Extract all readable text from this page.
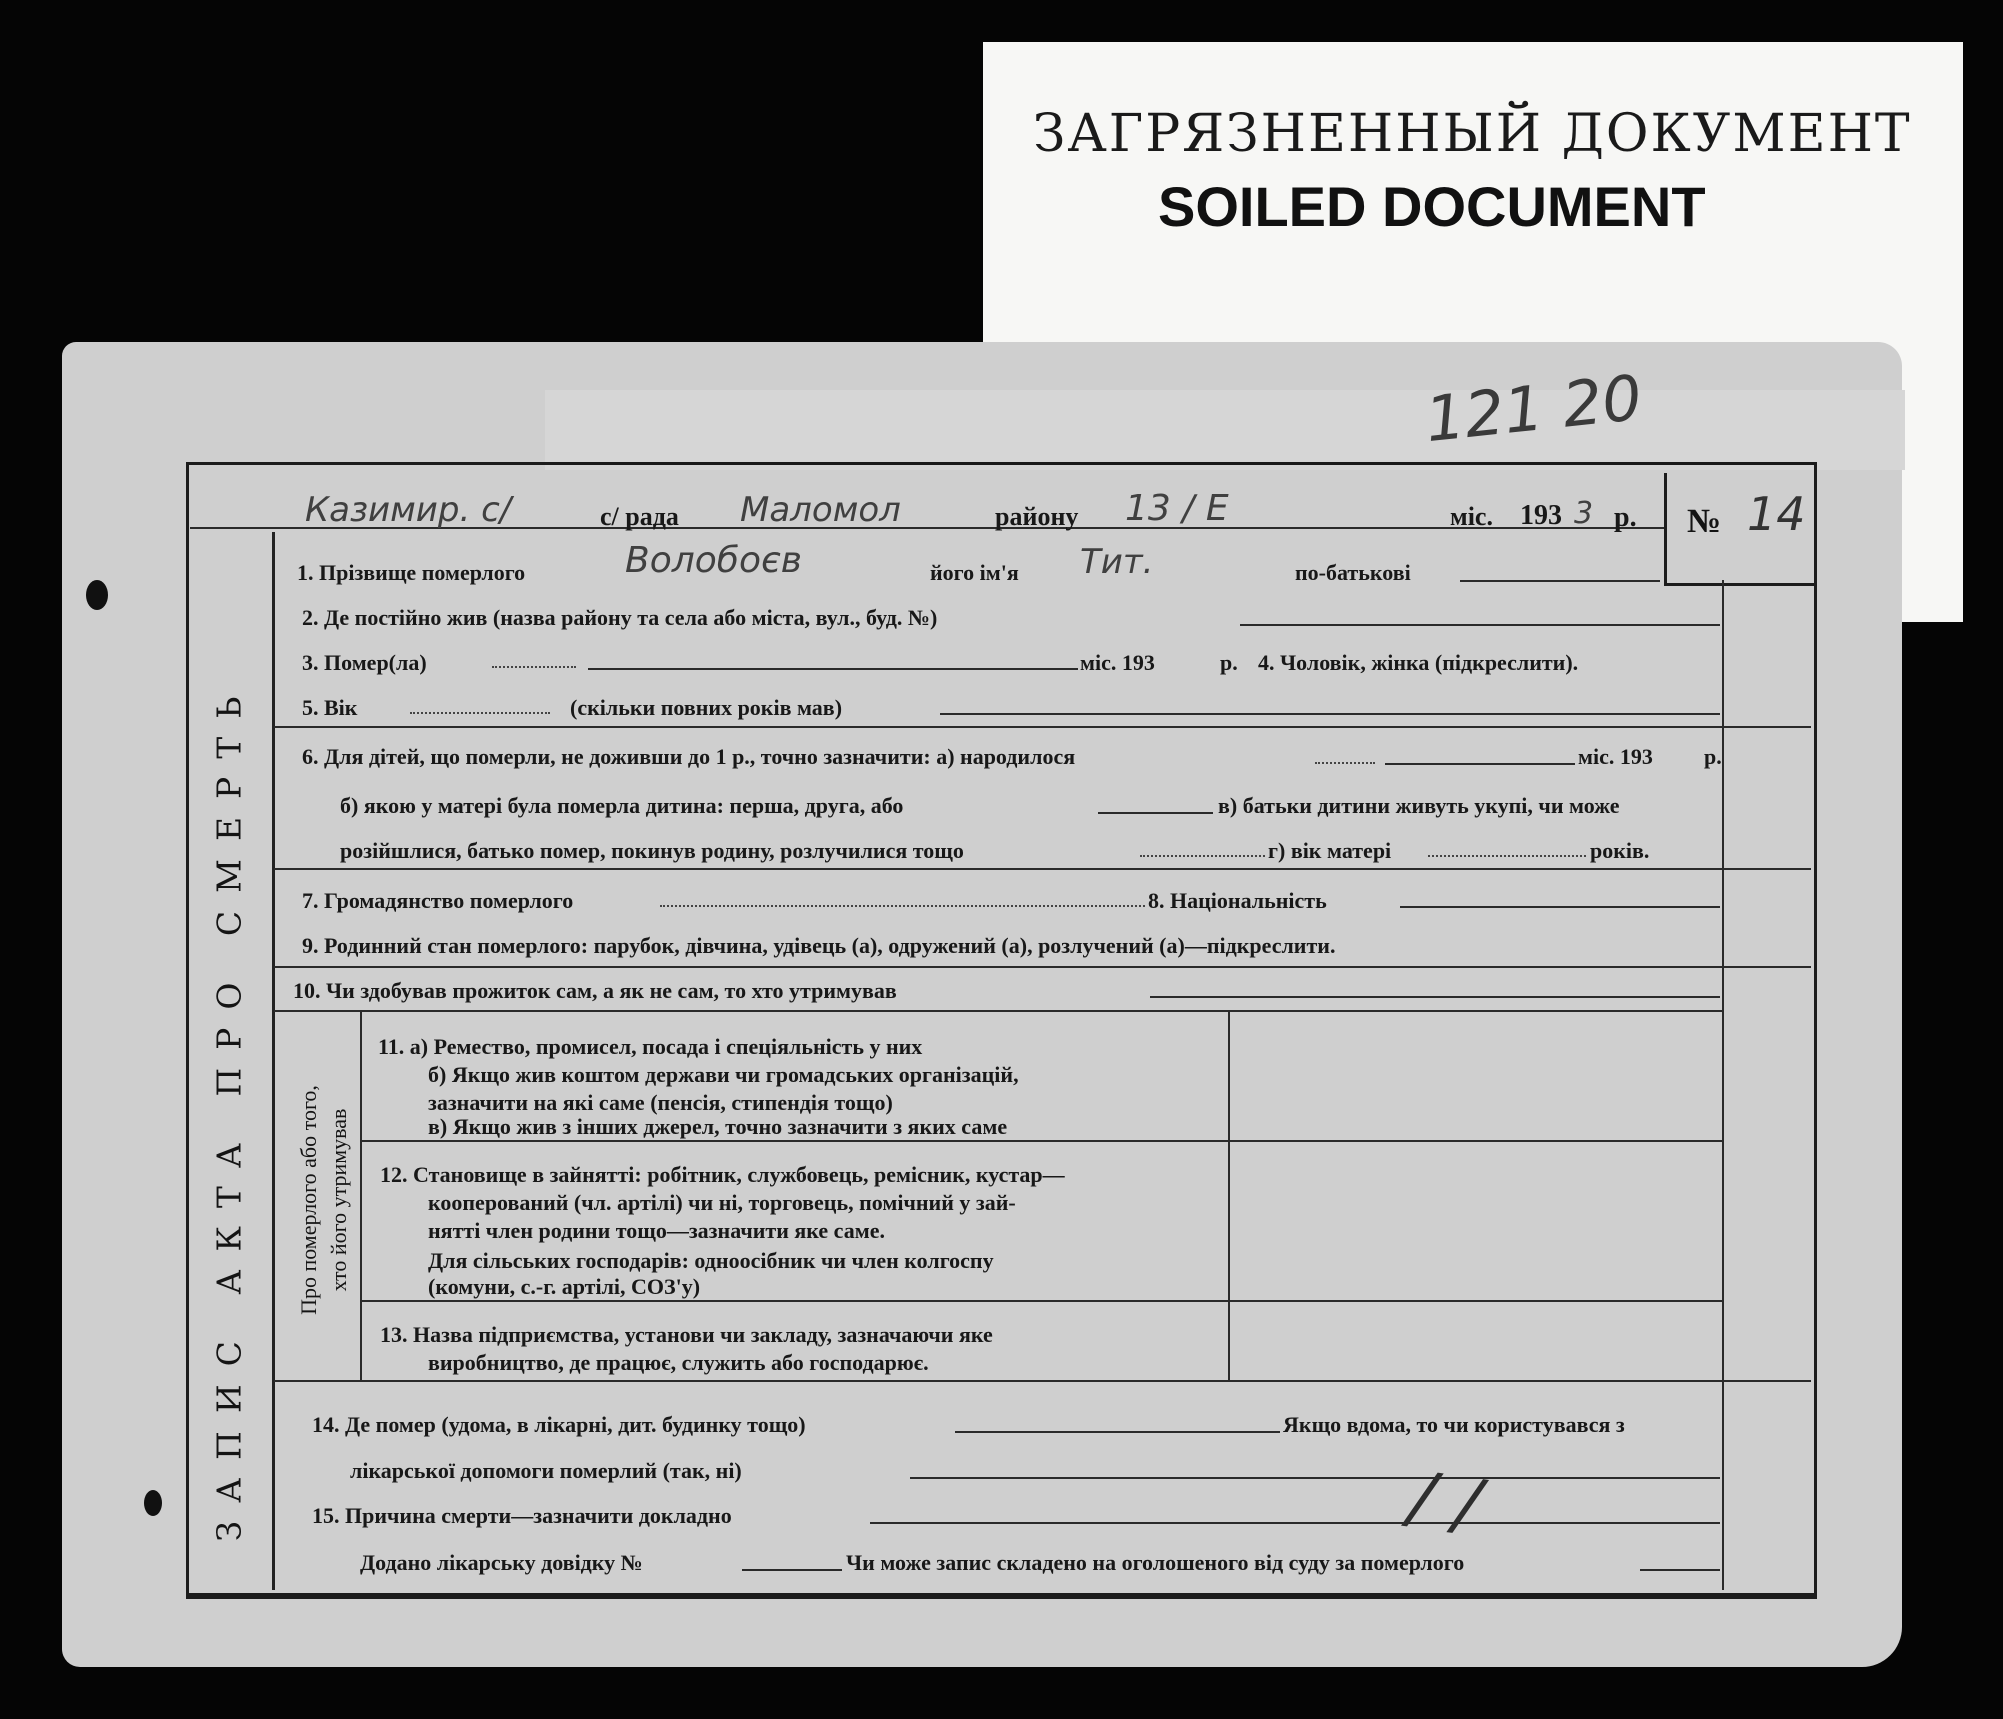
ЗАГРЯЗНЕННЫЙ ДОКУМЕНТ
SOILED DOCUMENT
121 20
ЗАПИС АКТА ПРО СМЕРТЬ
№ 14
Казимир. с/	с/ рада Маломол	району 13 / Е	міс. 193 3 р.
1. Прізвище померлого	Волобоєв	його ім'я Тит.	по-батькові
2. Де постійно жив (назва району та села або міста, вул., буд. №)
3. Помер(ла)	міс. 193	р. 4. Чоловік, жінка (підкреслити).
5. Вік	(скільки повних років мав)
6. Для дітей, що померли, не доживши до 1 р., точно зазначити: а) народилося	міс. 193 р.
б) якою у матері була померла дитина: перша, друга, або	в) батьки дитини живуть укупі, чи може
розійшлися, батько помер, покинув родину, розлучилися тощо	г) вік матері	років.
7. Громадянство померлого	8. Національність
9. Родинний стан померлого: парубок, дівчина, удівець (а), одружений (а), розлучений (а)—підкреслити.
10. Чи здобував прожиток сам, а як не сам, то хто утримував
Про померлого або того, хто його утримував
11. а) Ремество, промисел, посада і спеціяльність у них
б) Якщо жив коштом держави чи громадських організацій,
зазначити на які саме (пенсія, стипендія тощо)
в) Якщо жив з інших джерел, точно зазначити з яких саме
12. Становище в зайнятті: робітник, службовець, ремісник, кустар—
кооперований (чл. артілі) чи ні, торговець, помічний у зай-
нятті член родини тощо—зазначити яке саме.
Для сільських господарів: одноосібник чи член колгоспу
(комуни, с.-г. артілі, СОЗ'у)
13. Назва підприємства, установи чи закладу, зазначаючи яке
виробництво, де працює, служить або господарює.
14. Де помер (удома, в лікарні, дит. будинку тощо)	Якщо вдома, то чи користувався з
лікарської допомоги померлий (так, ні)
15. Причина смерти—зазначити докладно	/ /
Додано лікарську довідку №	Чи може запис складено на оголошеного від суду за померлого
